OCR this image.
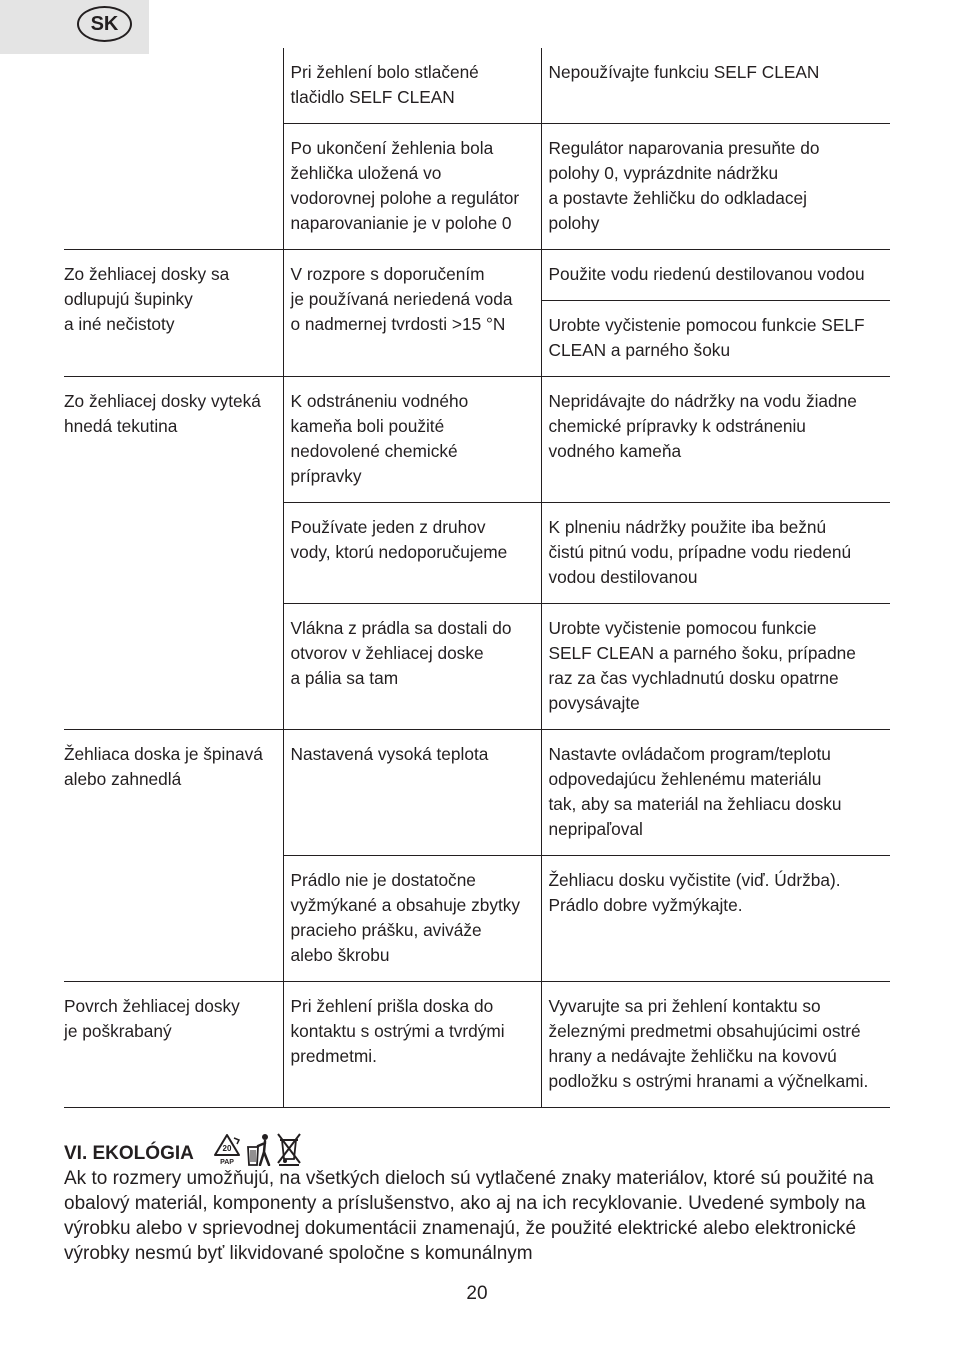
SK

	Pri žehlení bolo stlačené
tlačidlo SELF CLEAN	Nepoužívajte funkciu SELF CLEAN

	Po ukončení žehlenia bola
žehlička uložená vo
vodorovnej polohe a regulátor
naparovanianie je v polohe 0	Regulátor naparovania presuňte do
polohy 0, vyprázdnite nádržku
a postavte žehličku do odkladacej
polohy

Zo žehliacej dosky sa
odlupujú šupinky
a iné nečistoty	V rozpore s doporučením
je používaná neriedená voda
o nadmernej tvrdosti >15 °N	Použite vodu riedenú destilovanou vodou

		Urobte vyčistenie pomocou funkcie SELF
CLEAN a parného šoku

Zo žehliacej dosky vyteká
hnedá tekutina	K odstráneniu vodného
kameňa boli použité
nedovolené chemické
prípravky	Nepridávajte do nádržky na vodu žiadne
chemické prípravky k odstráneniu
vodného kameňa

	Používate jeden z druhov
vody, ktorú nedoporučujeme	K plneniu nádržky použite iba bežnú
čistú pitnú vodu, prípadne vodu riedenú
vodou destilovanou

	Vlákna z prádla sa dostali do
otvorov v žehliacej doske
a pália sa tam	Urobte vyčistenie pomocou funkcie
SELF CLEAN a parného šoku, prípadne
raz za čas vychladnutú dosku opatrne
povysávajte

Žehliaca doska je špinavá
alebo zahnedlá	Nastavená vysoká teplota	Nastavte ovládačom program/teplotu
odpovedajúcu žehlenému materiálu
tak, aby sa materiál na žehliacu dosku
nepripaľoval

	Prádlo nie je dostatočne
vyžmýkané a obsahuje zbytky
pracieho prášku, aviváže
alebo škrobu	Žehliacu dosku vyčistite (viď. Údržba).
Prádlo dobre vyžmýkajte.

Povrch žehliacej dosky
je poškrabaný	Pri žehlení prišla doska do
kontaktu s ostrými a tvrdými
predmetmi.	Vyvarujte sa pri žehlení kontaktu so
železnými predmetmi obsahujúcimi ostré
hrany a nedávajte žehličku na kovovú
podložku s ostrými hranami a výčnelkami.
VI. EKOLÓGIA	20
PAP
Ak to rozmery umožňujú, na všetkých dieloch sú vytlačené znaky materiálov, ktoré sú použité na obalový materiál, komponenty a príslušenstvo, ako aj na ich recyklovanie. Uvedené symboly na výrobku alebo v sprievodnej dokumentácii znamenajú, že použité elektrické alebo elektronické výrobky nesmú byť likvidované spoločne s komunálnym
20
